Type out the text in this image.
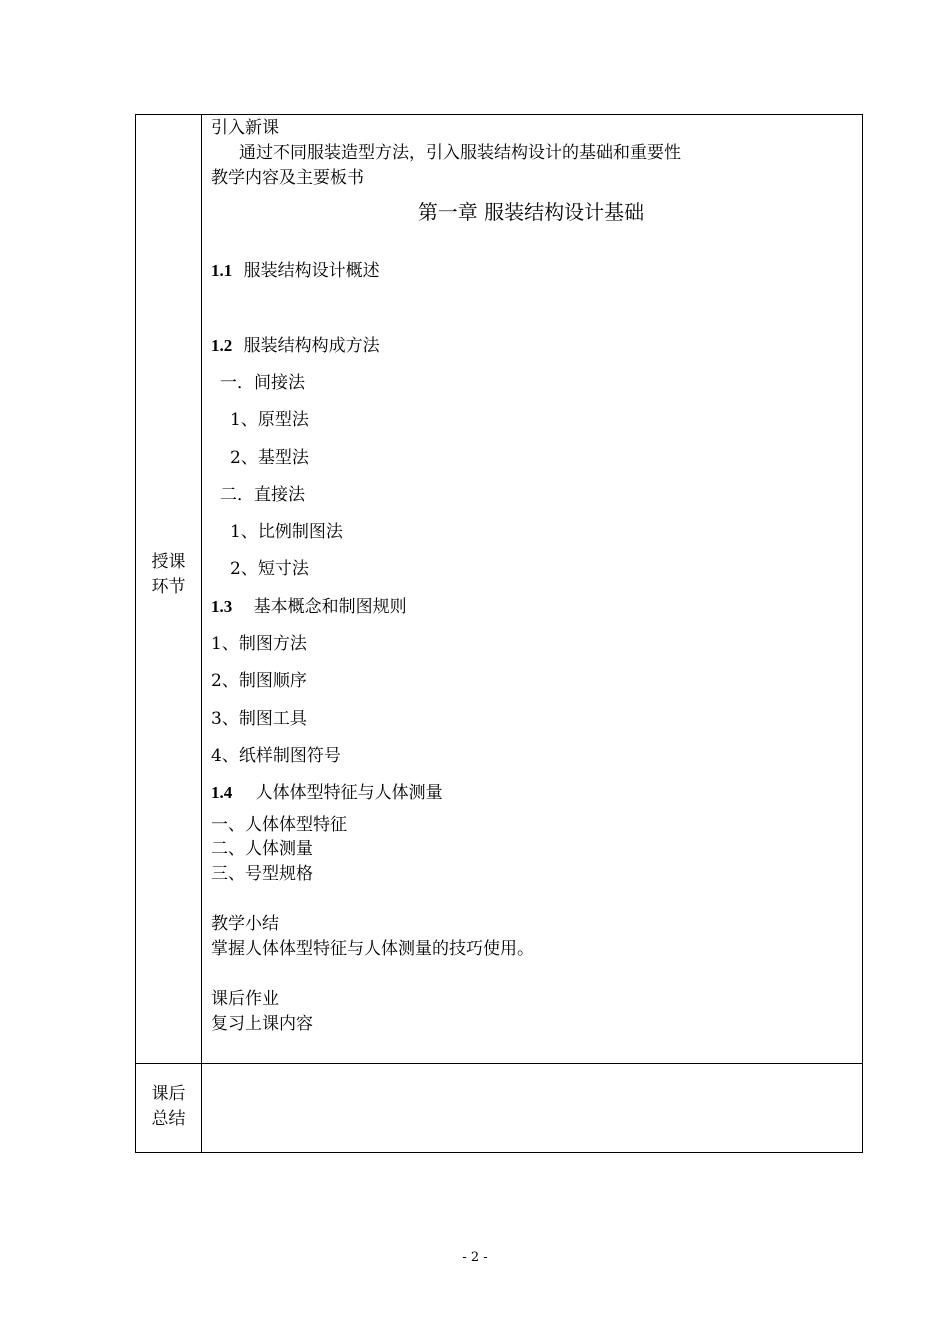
授课
环节
课后
总结
引入新课
通过不同服装造型方法，引入服装结构设计的基础和重要性
教学内容及主要板书
第一章 服装结构设计基础
1.1 服装结构设计概述
1.2 服装结构构成方法
一．间接法
1、原型法
2、基型法
二．直接法
1、比例制图法
2、短寸法
1.3 基本概念和制图规则
1、制图方法
2、制图顺序
3、制图工具
4、纸样制图符号
1.4 人体体型特征与人体测量
一、人体体型特征
二、人体测量
三、号型规格
教学小结
掌握人体体型特征与人体测量的技巧使用。
课后作业
复习上课内容
- 2 -
